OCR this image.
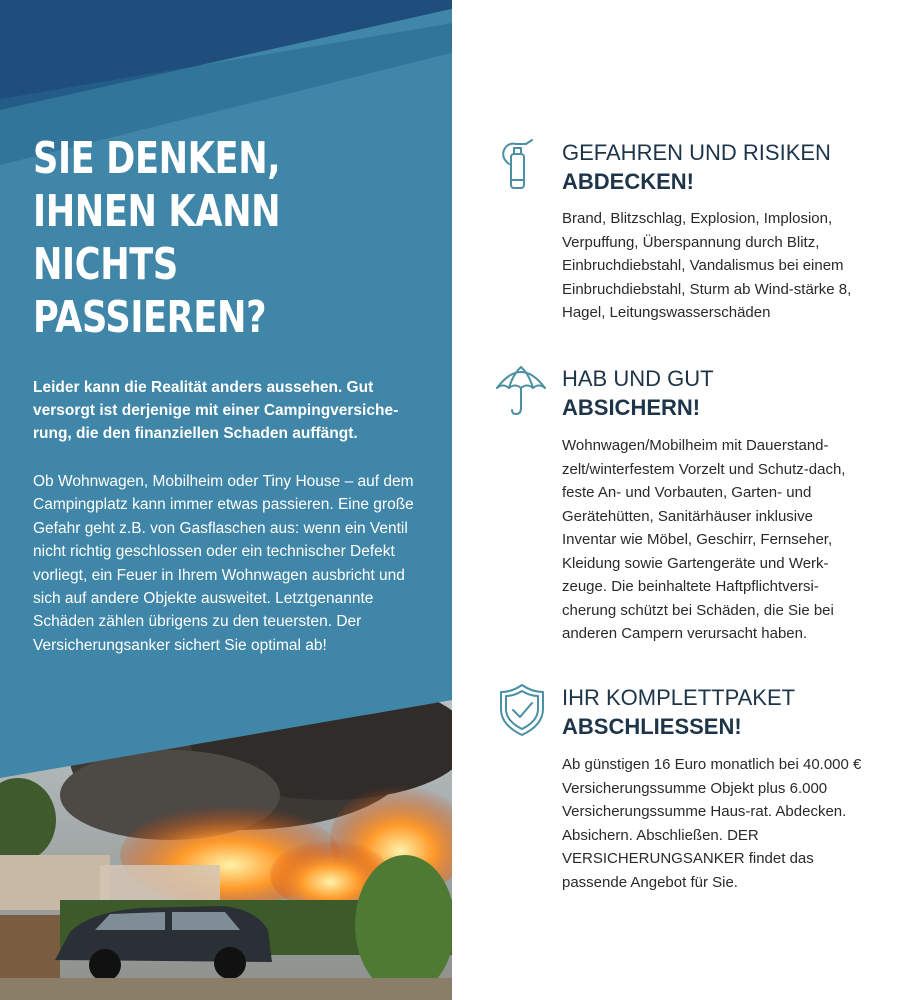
SIE DENKEN,
IHNEN KANN
NICHTS
PASSIEREN?

Leider kann die Realität anders aussehen. Gut versorgt ist derjenige mit einer Campingversiche-rung, die den finanziellen Schaden auffängt.

Ob Wohnwagen, Mobilheim oder Tiny House – auf dem Campingplatz kann immer etwas passieren. Eine große Gefahr geht z.B. von Gasflaschen aus: wenn ein Ventil nicht richtig geschlossen oder ein technischer Defekt vorliegt, ein Feuer in Ihrem Wohnwagen ausbricht und sich auf andere Objekte ausweitet. Letztgenannte Schäden zählen übrigens zu den teuersten. Der Versicherungsanker sichert Sie optimal ab!

GEFAHREN UND RISIKEN
ABDECKEN!

Brand, Blitzschlag, Explosion, Implosion, Verpuffung, Überspannung durch Blitz, Einbruchdiebstahl, Vandalismus bei einem Einbruchdiebstahl, Sturm ab Wind-stärke 8, Hagel, Leitungswasserschäden

HAB UND GUT
ABSICHERN!

Wohnwagen/Mobilheim mit Dauerstand-zelt/winterfestem Vorzelt und Schutz-dach, feste An- und Vorbauten, Garten- und Gerätehütten, Sanitärhäuser inklusive Inventar wie Möbel, Geschirr, Fernseher, Kleidung sowie Gartengeräte und Werk-zeuge. Die beinhaltete Haftpflichtversi-cherung schützt bei Schäden, die Sie bei anderen Campern verursacht haben.

IHR KOMPLETTPAKET
ABSCHLIESSEN!

Ab günstigen 16 Euro monatlich bei 40.000 € Versicherungssumme Objekt plus 6.000 Versicherungssumme Haus-rat. Abdecken. Absichern. Abschließen. DER VERSICHERUNGSANKER findet das passende Angebot für Sie.
